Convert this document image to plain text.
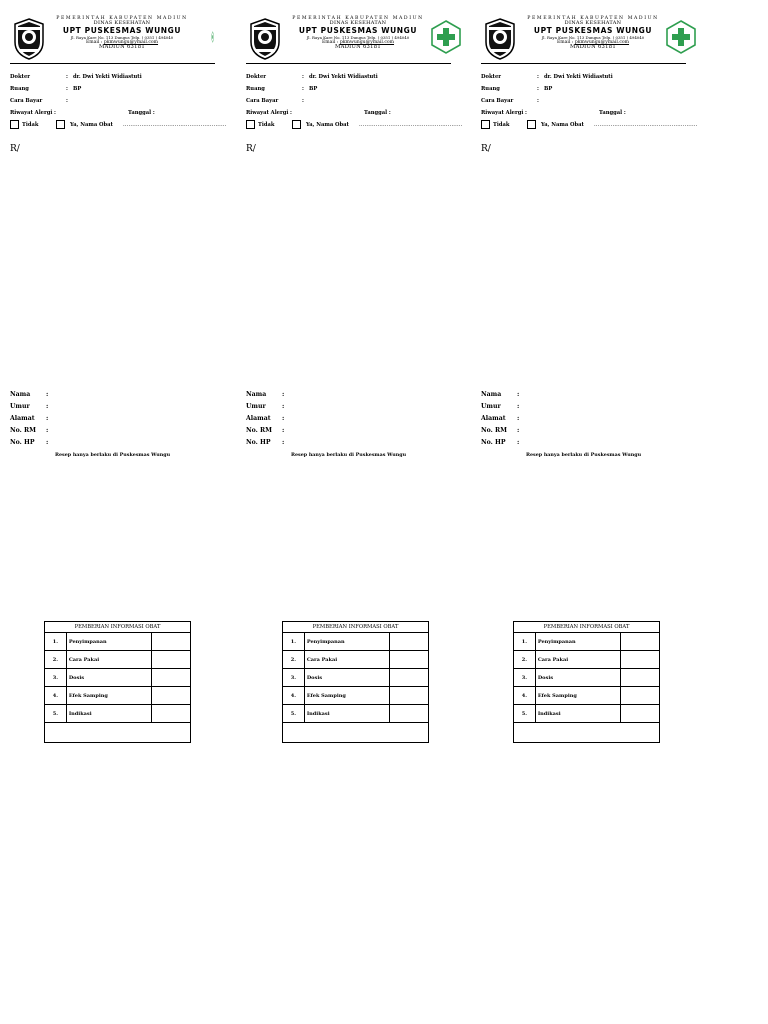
PEMERINTAH KABUPATEN MADIUN
DINAS KESEHATAN
UPT PUSKESMAS WUNGU
Jl. Raya Kare No. 113 Dungus Telp. ( 0351 ) 494040
Email : pkmwungu@ymail.com
MADIUN 63181
Dokter	: dr. Dwi Yekti Widiastuti
Ruang	: BP
Cara Bayar	:
Riwayat Alergi :	Tanggal :
Tidak	Ya, Nama Obat ........................................................
R/
Nama	:
Umur	:
Alamat :
No. RM :
No. HP :
Resep hanya berlaku di Puskesmas Wungu
PEMERINTAH KABUPATEN MADIUN
DINAS KESEHATAN
UPT PUSKESMAS WUNGU
Jl. Raya Kare No. 113 Dungus Telp. ( 0351 ) 494040
Email : pkmwungu@ymail.com
MADIUN 63181
Dokter	: dr. Dwi Yekti Widiastuti
Ruang	: BP
Cara Bayar	:
Riwayat Alergi :	Tanggal :
Tidak	Ya, Nama Obat ........................................................
R/
Nama	:
Umur	:
Alamat :
No. RM :
No. HP :
Resep hanya berlaku di Puskesmas Wungu
PEMERINTAH KABUPATEN MADIUN
DINAS KESEHATAN
UPT PUSKESMAS WUNGU
Jl. Raya Kare No. 113 Dungus Telp. ( 0351 ) 494040
Email : pkmwungu@ymail.com
MADIUN 63181
Dokter	: dr. Dwi Yekti Widiastuti
Ruang	: BP
Cara Bayar	:
Riwayat Alergi :	Tanggal :
Tidak	Ya, Nama Obat ........................................................
R/
Nama	:
Umur	:
Alamat :
No. RM :
No. HP :
Resep hanya berlaku di Puskesmas Wungu
PEMBERIAN INFORMASI OBAT		
1.	Penyimpanan	
2.	Cara Pakai	
3.	Dosis	
4.	Efek Samping	
5.	Indikasi	

PEMBERIAN INFORMASI OBAT		
1.	Penyimpanan	
2.	Cara Pakai	
3.	Dosis	
4.	Efek Samping	
5.	Indikasi	

PEMBERIAN INFORMASI OBAT		
1.	Penyimpanan	
2.	Cara Pakai	
3.	Dosis	
4.	Efek Samping	
5.	Indikasi	
